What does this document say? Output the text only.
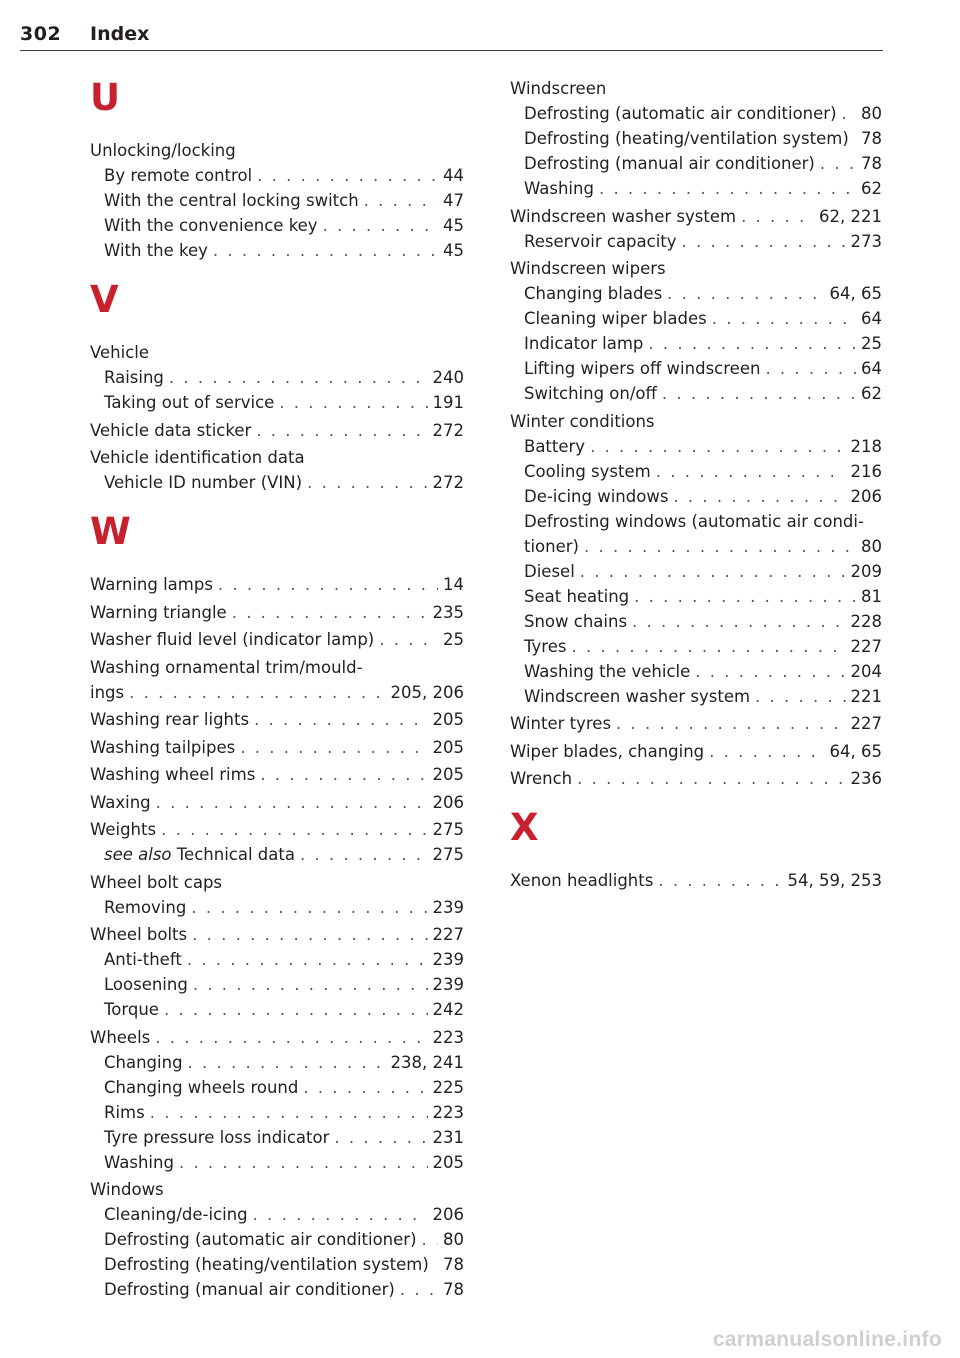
302 Index
U
Unlocking/locking
By remote control . . .	44
With the central locking switch . . .	47
With the convenience key . . .	45
With the key . . .	45
V
Vehicle
Raising . . .	240
Taking out of service . . .	191
Vehicle data sticker . . .	272
Vehicle identification data
Vehicle ID number (VIN) . . .	272
W
Warning lamps . . .	14
Warning triangle . . .	235
Washer fluid level (indicator lamp) . . .	25
Washing ornamental trim/mould-
ings . . .	205, 206
Washing rear lights . . .	205
Washing tailpipes . . .	205
Washing wheel rims . . .	205
Waxing . . .	206
Weights . . .	275
see also Technical data . . .	275
Wheel bolt caps
Removing . . .	239
Wheel bolts . . .	227
Anti-theft . . .	239
Loosening . . .	239
Torque . . .	242
Wheels . . .	223
Changing . . .	238, 241
Changing wheels round . . .	225
Rims . . .	223
Tyre pressure loss indicator . . .	231
Washing . . .	205
Windows
Cleaning/de-icing . . .	206
Defrosting (automatic air conditioner) . . . 80
Defrosting (heating/ventilation system) 78
Defrosting (manual air conditioner) . . .	78
Windscreen
Defrosting (automatic air conditioner) . . . 80
Defrosting (heating/ventilation system) 78
Defrosting (manual air conditioner) . . .	78
Washing . . .	62
Windscreen washer system . . .	62, 221
Reservoir capacity . . .	273
Windscreen wipers
Changing blades . . .	64, 65
Cleaning wiper blades . . .	64
Indicator lamp . . .	25
Lifting wipers off windscreen . . .	64
Switching on/off . . .	62
Winter conditions
Battery . . .	218
Cooling system . . .	216
De-icing windows . . .	206
Defrosting windows (automatic air condi-
tioner) . . .	80
Diesel . . .	209
Seat heating . . .	81
Snow chains . . .	228
Tyres . . .	227
Washing the vehicle . . .	204
Windscreen washer system . . .	221
Winter tyres . . .	227
Wiper blades, changing . . .	64, 65
Wrench . . .	236
X
Xenon headlights . . .	54, 59, 253
carmanualsonline.info
